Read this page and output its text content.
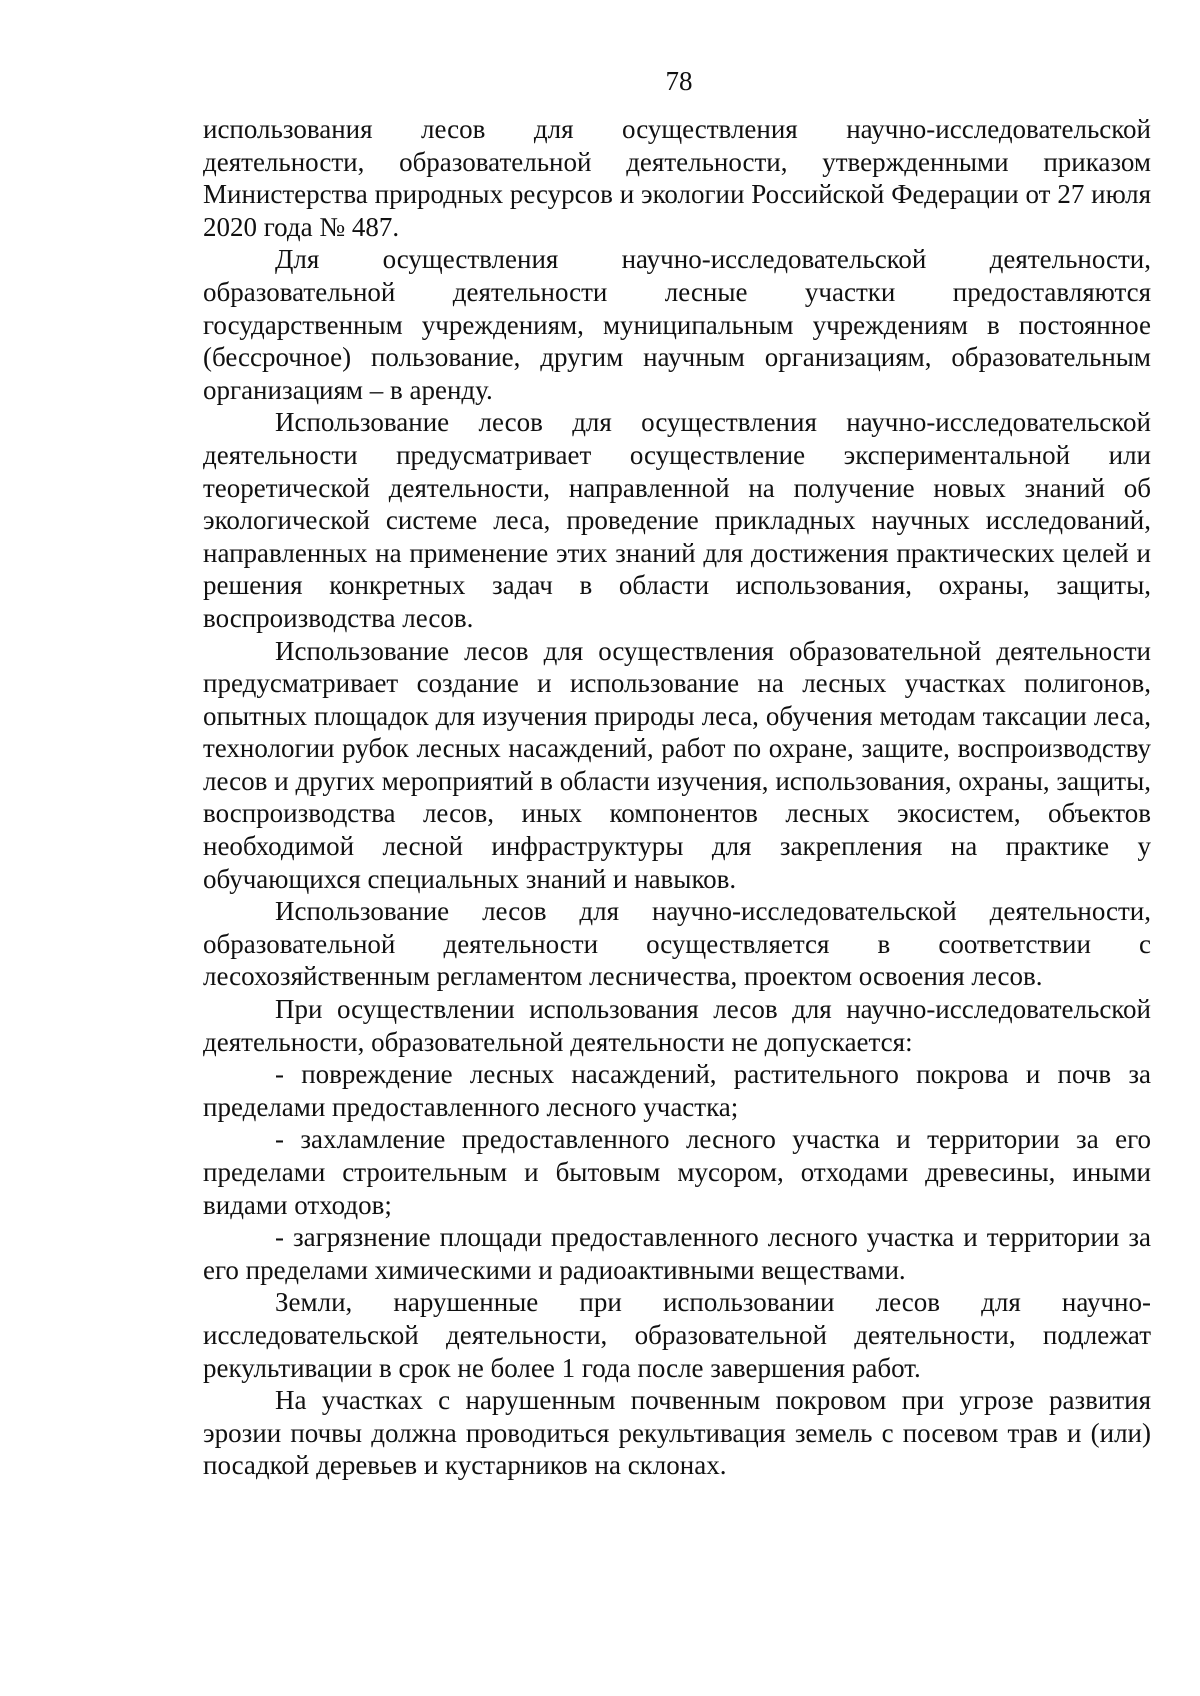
78

использования лесов для осуществления научно-исследовательской деятельности, образовательной деятельности, утвержденными приказом Министерства природных ресурсов и экологии Российской Федерации от 27 июля 2020 года № 487.

Для осуществления научно-исследовательской деятельности, образовательной деятельности лесные участки предоставляются государственным учреждениям, муниципальным учреждениям в постоянное (бессрочное) пользование, другим научным организациям, образовательным организациям – в аренду.

Использование лесов для осуществления научно-исследовательской деятельности предусматривает осуществление экспериментальной или теоретической деятельности, направленной на получение новых знаний об экологической системе леса, проведение прикладных научных исследований, направленных на применение этих знаний для достижения практических целей и решения конкретных задач в области использования, охраны, защиты, воспроизводства лесов.

Использование лесов для осуществления образовательной деятельности предусматривает создание и использование на лесных участках полигонов, опытных площадок для изучения природы леса, обучения методам таксации леса, технологии рубок лесных насаждений, работ по охране, защите, воспроизводству лесов и других мероприятий в области изучения, использования, охраны, защиты, воспроизводства лесов, иных компонентов лесных экосистем, объектов необходимой лесной инфраструктуры для закрепления на практике у обучающихся специальных знаний и навыков.

Использование лесов для научно-исследовательской деятельности, образовательной деятельности осуществляется в соответствии с лесохозяйственным регламентом лесничества, проектом освоения лесов.

При осуществлении использования лесов для научно-исследовательской деятельности, образовательной деятельности не допускается:

- повреждение лесных насаждений, растительного покрова и почв за пределами предоставленного лесного участка;

- захламление предоставленного лесного участка и территории за его пределами строительным и бытовым мусором, отходами древесины, иными видами отходов;

- загрязнение площади предоставленного лесного участка и территории за его пределами химическими и радиоактивными веществами.

Земли, нарушенные при использовании лесов для научно-исследовательской деятельности, образовательной деятельности, подлежат рекультивации в срок не более 1 года после завершения работ.

На участках с нарушенным почвенным покровом при угрозе развития эрозии почвы должна проводиться рекультивация земель с посевом трав и (или) посадкой деревьев и кустарников на склонах.
